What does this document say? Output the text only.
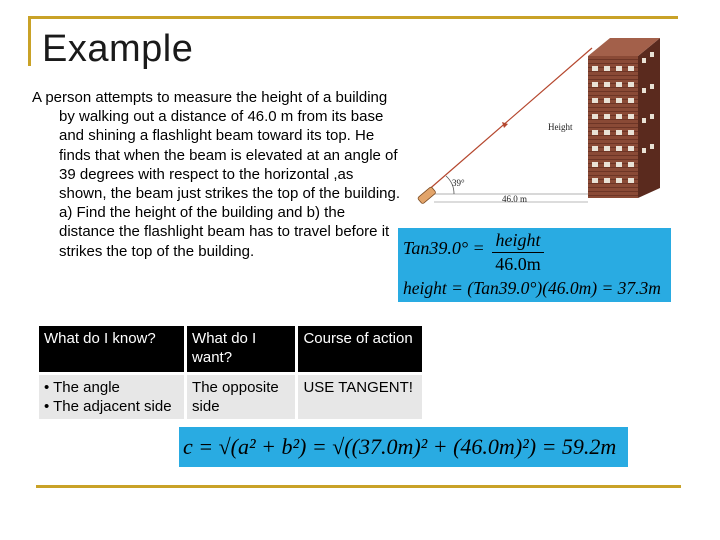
Example
A person attempts to measure the height of a building by walking out a distance of 46.0 m from its base and shining a flashlight beam toward its top. He finds that when the beam is elevated at an angle of 39 degrees with respect to the horizontal ,as shown, the beam just strikes the top of the building. a) Find the height of the building and b) the distance the flashlight beam has to travel before it strikes the top of the building.
Height
39°
46.0 m
Tan39.0° = height
46.0m
height = (Tan39.0°)(46.0m) = 37.3m
What do I know?	What do I want?	Course of action
• The angle
• The adjacent side	The opposite side	USE TANGENT!
c = √(a² + b²) = √((37.0m)² + (46.0m)²) = 59.2m
